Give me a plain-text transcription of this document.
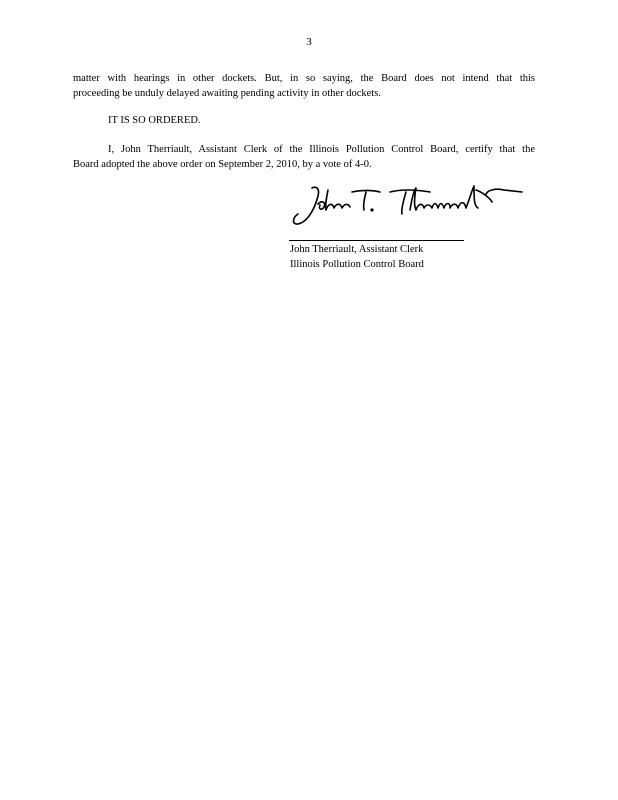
3
matter with hearings in other dockets. But, in so saying, the Board does not intend that this
proceeding be unduly delayed awaiting pending activity in other dockets.
IT IS SO ORDERED.
I, John Therriault, Assistant Clerk of the Illinois Pollution Control Board, certify that the
Board adopted the above order on September 2, 2010, by a vote of 4-0.
John Therriault, Assistant Clerk
Illinois Pollution Control Board
